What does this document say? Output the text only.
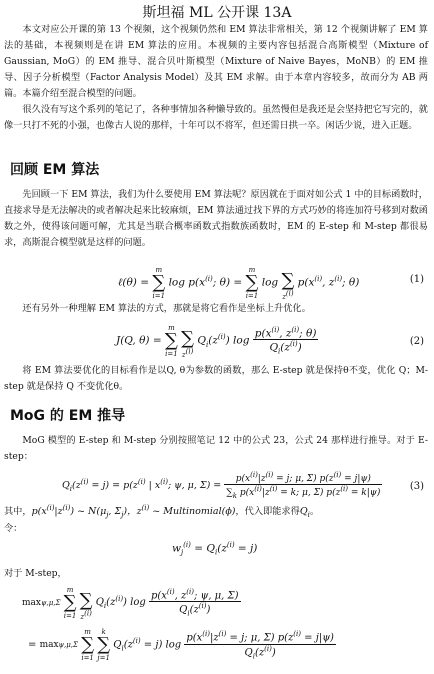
斯坦福 ML 公开课 13A
本文对应公开课的第 13 个视频，这个视频仍然和 EM 算法非常相关，第 12 个视频讲解了 EM 算法的基础，本视频则是在讲 EM 算法的应用。本视频的主要内容包括混合高斯模型（Mixture of Gaussian, MoG）的 EM 推导、混合贝叶斯模型（Mixture of Naive Bayes，MoNB）的 EM 推导、因子分析模型（Factor Analysis Model）及其 EM 求解。由于本章内容较多，故而分为 AB 两篇。本篇介绍至混合模型的问题。
很久没有写这个系列的笔记了，各种事情加各种懒导致的。虽然慢但是我还是会坚持把它写完的，就像一只打不死的小强，也像古人说的那样，十年可以不将军，但还需日拱一卒。闲话少说，进入正题。
回顾 EM 算法
先回顾一下 EM 算法，我们为什么要使用 EM 算法呢？原因就在于面对如公式 1 中的目标函数时，直接求导是无法解决的或者解决起来比较麻烦，EM 算法通过找下界的方式巧妙的将连加符号移到对数函数之外，使得该问题可解，尤其是当联合概率函数式指数族函数时，EM 的 E-step 和 M-step 都很易求，高斯混合模型就是这样的问题。
ℓ(θ) = m
∑
i=1 $\log p(x^{(i)}$; θ) = m
∑
i=1 log ∑
$z^{(i)}$ $p(x^{(i)}$, $z^{(i)}$; θ)	(1)
还有另外一种理解 EM 算法的方式，那就是将它看作是坐标上升优化。
J(Q, θ) = m
∑
i=1
∑
$z^{(i)}$ $Q_i(z^{(i)})$ $\log \frac{p(x^{(i)}, z^{(i)}; \theta)}{Q_i(z^{(i)})}$	(2)
将 EM 算法要优化的目标看作是以Q, θ为参数的函数，那么 E-step 就是保持θ不变，优化 Q；M-step 就是保持 Q 不变优化θ。
MoG 的 EM 推导
MoG 模型的 E-step 和 M-step 分别按照笔记 12 中的公式 23，公式 24 那样进行推导。对于 E-step：
$Q_i(z^{(i)} = j) = p(z^{(i)}$ | $x^{(i)}$; ψ, μ, $\Sigma) = \frac{p(x^{(i)}|z^{(i)} = j; \mu, \Sigma) p(z^{(i)} = j|\psi)}{\sum_k p(x^{(i)}|z^{(i)} = k; \mu, \Sigma) p(z^{(i)} = k|\psi)}$	(3)
其中，$p(x^{(i)}|z^{(i)})$ ~ $N(\mu_j$, $\Sigma_j$)，$z^{(i)}$ ~ Multinomial(ϕ)，代入即能求得$Q_i$。
令：
$w_j^{(i)} = Q_i(z^{(i)} = j)$
对于 M-step，
maxψ,μ,Σ m
∑
i=1
∑
$z^{(i)}$ $Q_i(z^{(i)})$ $\log \frac{p(x^{(i)}, z^{(i)}; \psi, \mu, \Sigma)}{Q_i(z^{(i)})}$
= maxψ,μ,Σ m
∑
i=1 k
∑
j=1 $Q_i(z^{(i)} = j)$ $\log \frac{p(x^{(i)}|z^{(i)} = j; \mu, \Sigma) p(z^{(i)} = j|\psi)}{Q_i(z^{(i)})}$
